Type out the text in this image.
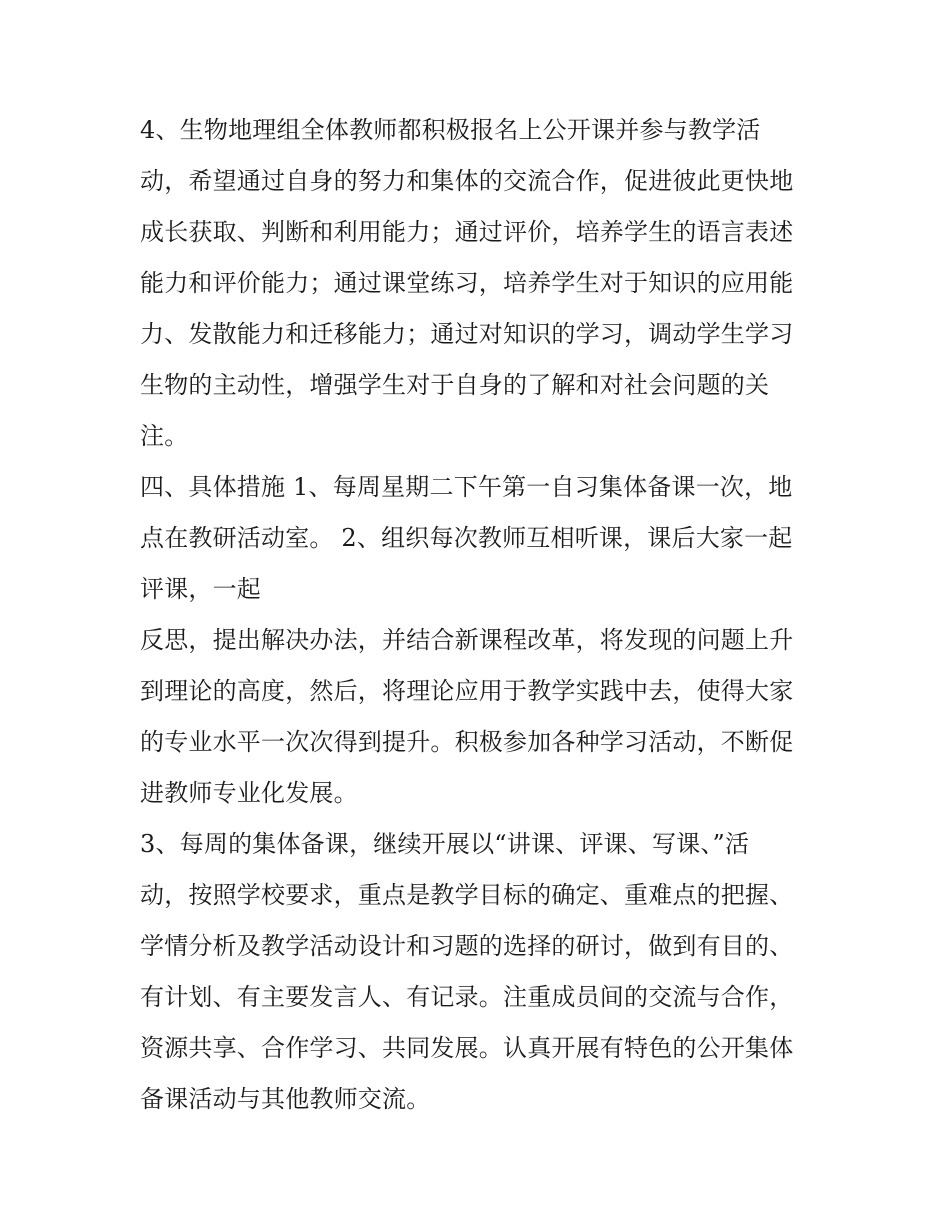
4、生物地理组全体教师都积极报名上公开课并参与教学活
动，希望通过自身的努力和集体的交流合作，促进彼此更快地
成长获取、判断和利用能力；通过评价，培养学生的语言表述
能力和评价能力；通过课堂练习，培养学生对于知识的应用能
力、发散能力和迁移能力；通过对知识的学习，调动学生学习
生物的主动性，增强学生对于自身的了解和对社会问题的关
注。
四、具体措施 1、每周星期二下午第一自习集体备课一次，地
点在教研活动室。 2、组织每次教师互相听课，课后大家一起
评课，一起
反思，提出解决办法，并结合新课程改革，将发现的问题上升
到理论的高度，然后，将理论应用于教学实践中去，使得大家
的专业水平一次次得到提升。积极参加各种学习活动，不断促
进教师专业化发展。
3、每周的集体备课，继续开展以“讲课、评课、写课、”活
动，按照学校要求，重点是教学目标的确定、重难点的把握、
学情分析及教学活动设计和习题的选择的研讨，做到有目的、
有计划、有主要发言人、有记录。注重成员间的交流与合作，
资源共享、合作学习、共同发展。认真开展有特色的公开集体
备课活动与其他教师交流。
